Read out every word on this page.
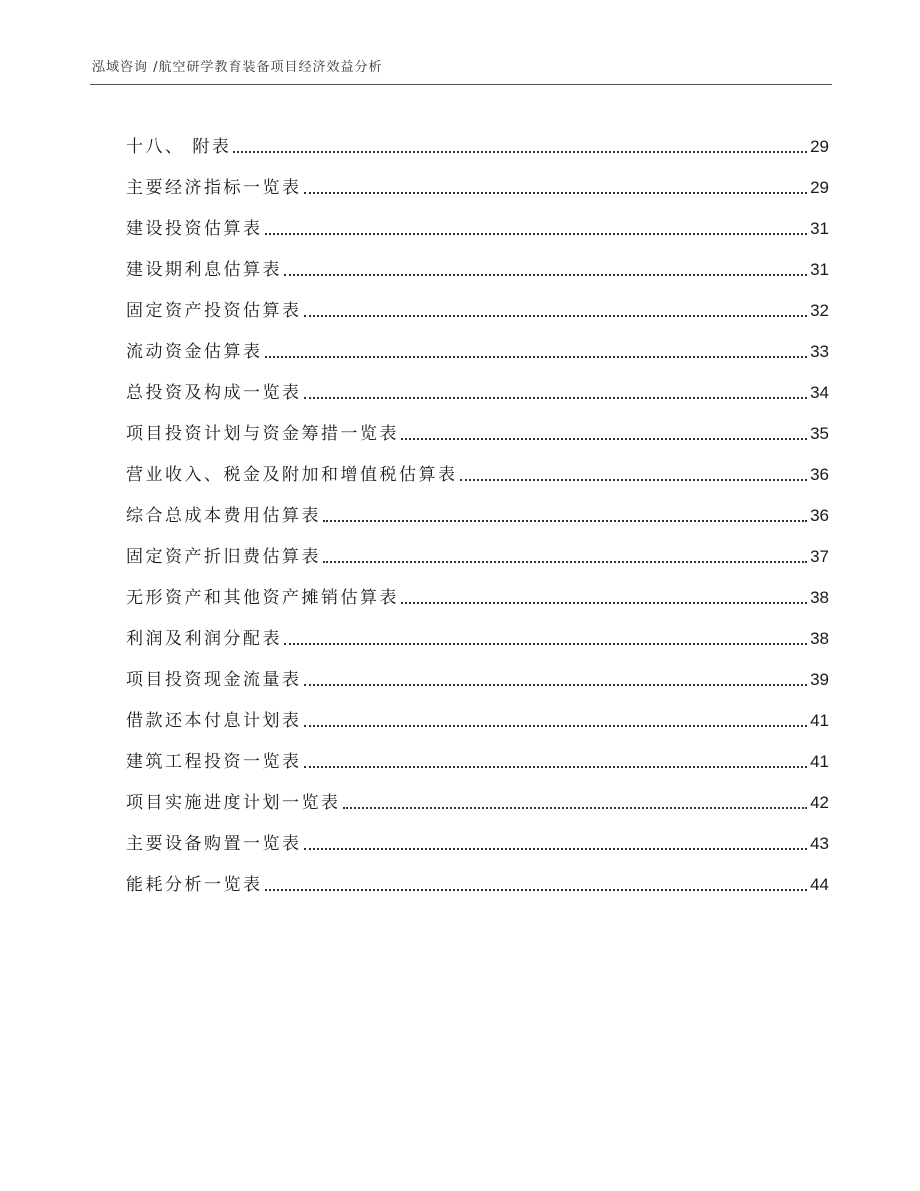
泓域咨询 /航空研学教育装备项目经济效益分析
十八、 附表	29
主要经济指标一览表	29
建设投资估算表	31
建设期利息估算表	31
固定资产投资估算表	32
流动资金估算表	33
总投资及构成一览表	34
项目投资计划与资金筹措一览表	35
营业收入、税金及附加和增值税估算表	36
综合总成本费用估算表	36
固定资产折旧费估算表	37
无形资产和其他资产摊销估算表	38
利润及利润分配表	38
项目投资现金流量表	39
借款还本付息计划表	41
建筑工程投资一览表	41
项目实施进度计划一览表	42
主要设备购置一览表	43
能耗分析一览表	44
